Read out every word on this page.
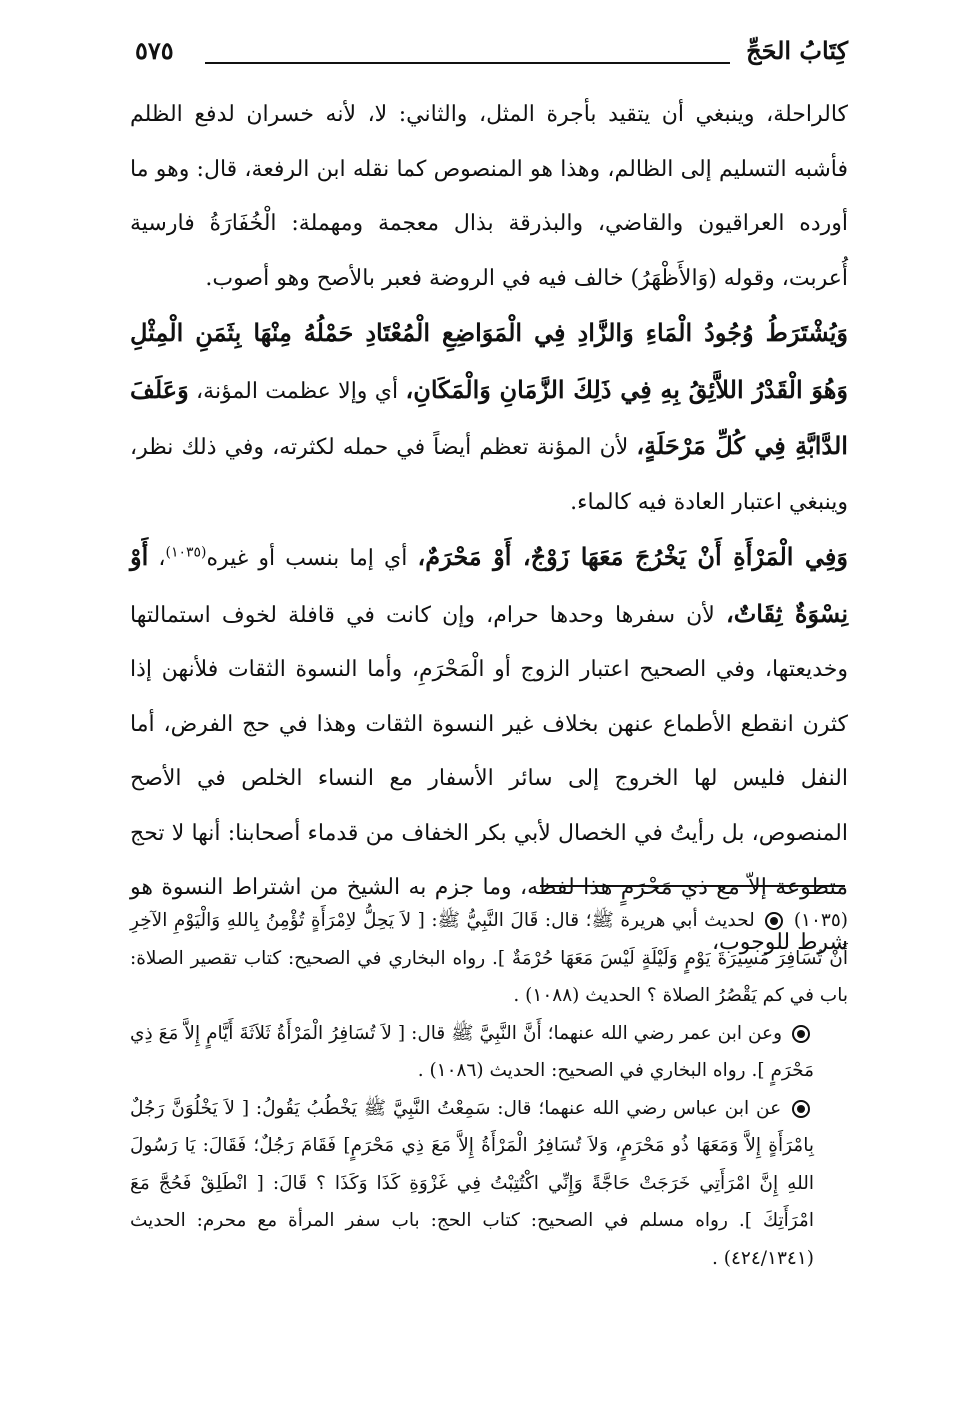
كِتَابُ الحَجِّ
٥٧٥

كالراحلة، وينبغي أن يتقيد بأجرة المثل، والثاني: لا، لأنه خسران لدفع الظلم فأشبه التسليم إلى الظالم، وهذا هو المنصوص كما نقله ابن الرفعة، قال: وهو ما أورده العراقيون والقاضي، والبذرقة بذال معجمة ومهملة: الْخُفَارَةُ فارسية أُعربت، وقوله (وَالأَظْهَرُ) خالف فيه في الروضة فعبر بالأصح وهو أصوب.

وَيُشْتَرَطُ وُجُودُ الْمَاءِ وَالزَّادِ فِي الْمَوَاضِعِ الْمُعْتَادِ حَمْلُهُ مِنْهَا بِثَمَنِ الْمِثْلِ وَهُوَ الْقَدْرُ اللاَّئِقُ بِهِ فِي ذَلِكَ الزَّمَانِ وَالْمَكَانِ، أي وإلا عظمت المؤنة، وَعَلَفَ الدَّابَّةِ فِي كُلِّ مَرْحَلَةٍ، لأن المؤنة تعظم أيضاً في حمله لكثرته، وفي ذلك نظر، وينبغي اعتبار العادة فيه كالماء.

وَفِي الْمَرْأَةِ أَنْ يَخْرُجَ مَعَهَا زَوْجٌ، أَوْ مَحْرَمٌ، أي إما بنسب أو غيره$^{(١٠٣٥)}$، أَوْ نِسْوَةٌ ثِقَاتٌ، لأن سفرها وحدها حرام، وإن كانت في قافلة لخوف استمالتها وخديعتها، وفي الصحيح اعتبار الزوج أو الْمَحْرَمِ، وأما النسوة الثقات فلأنهن إذا كثرن انقطع الأطماع عنهن بخلاف غير النسوة الثقات وهذا في حج الفرض، أما النفل فليس لها الخروج إلى سائر الأسفار مع النساء الخلص في الأصح المنصوص، بل رأيتُ في الخصال لأبي بكر الخفاف من قدماء أصحابنا: أنها لا تحج متطوعة إلاّ مع ذي مَحْرَمٍ هذا لفظه، وما جزم به الشيخ من اشتراط النسوة هو شرط للوجوب،

(١٠٣٥)  لحديث أبي هريرة ﷺ؛ قال: قَالَ النَّبِيُّ ﷺ: [ لاَ يَحِلُّ لاِمْرَأَةٍ تُؤْمِنُ بِاللهِ وَالْيَوْمِ الآخِرِ أَنْ تُسَافِرَ مَسِيرَةَ يَوْمٍ وَلَيْلَةٍ لَيْسَ مَعَهَا حُرْمَةٌ ]. رواه البخاري في الصحيح: كتاب تقصير الصلاة: باب في كم يَقْصُرُ الصلاة ؟ الحديث (١٠٨٨) .

وعن ابن عمر رضي الله عنهما؛ أَنَّ النَّبِيَّ ﷺ قال: [ لاَ تُسَافِرُ الْمَرْأَةُ ثَلاَثَةَ أَيَّامٍ إِلاَّ مَعَ ذِي مَحْرَمٍ ]. رواه البخاري في الصحيح: الحديث (١٠٨٦) .

عن ابن عباس رضي الله عنهما؛ قال: سَمِعْتُ النَّبِيَّ ﷺ يَخْطُبُ يَقُولُ: [ لاَ يَخْلُوَنَّ رَجُلٌ بِامْرَأَةٍ إِلاَّ وَمَعَهَا ذُو مَحْرَمٍ، وَلاَ تُسَافِرُ الْمَرْأَةُ إِلاَّ مَعَ ذِي مَحْرَمٍ] فَقَامَ رَجُلٌ؛ فَقَالَ: يَا رَسُولَ اللهِ إِنَّ امْرَأَتِي خَرَجَتْ حَاجَّةً وَإِنِّي اكْتُتِبْتُ فِي غَزْوَةِ كَذَا وَكَذَا ؟ قَالَ: [ انْطَلِقْ فَحُجَّ مَعَ امْرَأَتِكَ ]. رواه مسلم في الصحيح: كتاب الحج: باب سفر المرأة مع محرم: الحديث (٤٢٤/١٣٤١) .
